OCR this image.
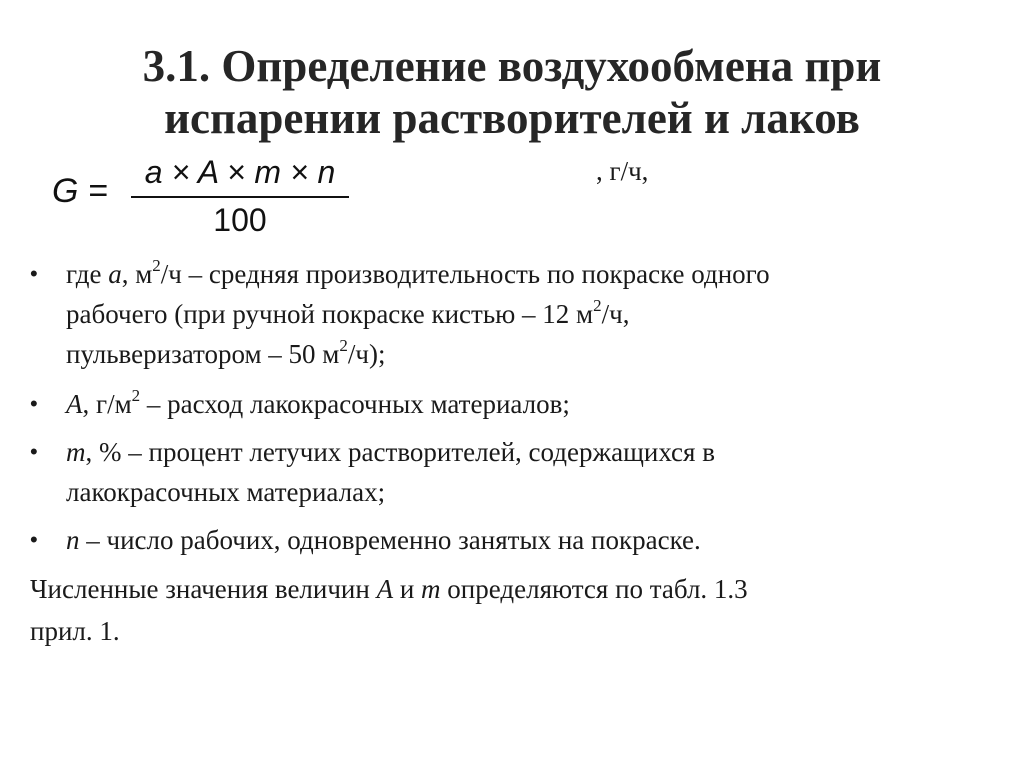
3.1. Определение воздухообмена при
испарении растворителей и лаков
G =	a × A × m × n
100
, г/ч,
• где a, $м^2/ч$ – средняя производительность по покраске одного
рабочего (при ручной покраске кистью – 12 $м^2/ч$,
пульверизатором – 50 $м^2/ч$);
• A, $г/м^2$ – расход лакокрасочных материалов;
• m, % – процент летучих растворителей, содержащихся в
лакокрасочных материалах;
• n – число рабочих, одновременно занятых на покраске.
Численные значения величин A и m определяются по табл. 1.3
прил. 1.
